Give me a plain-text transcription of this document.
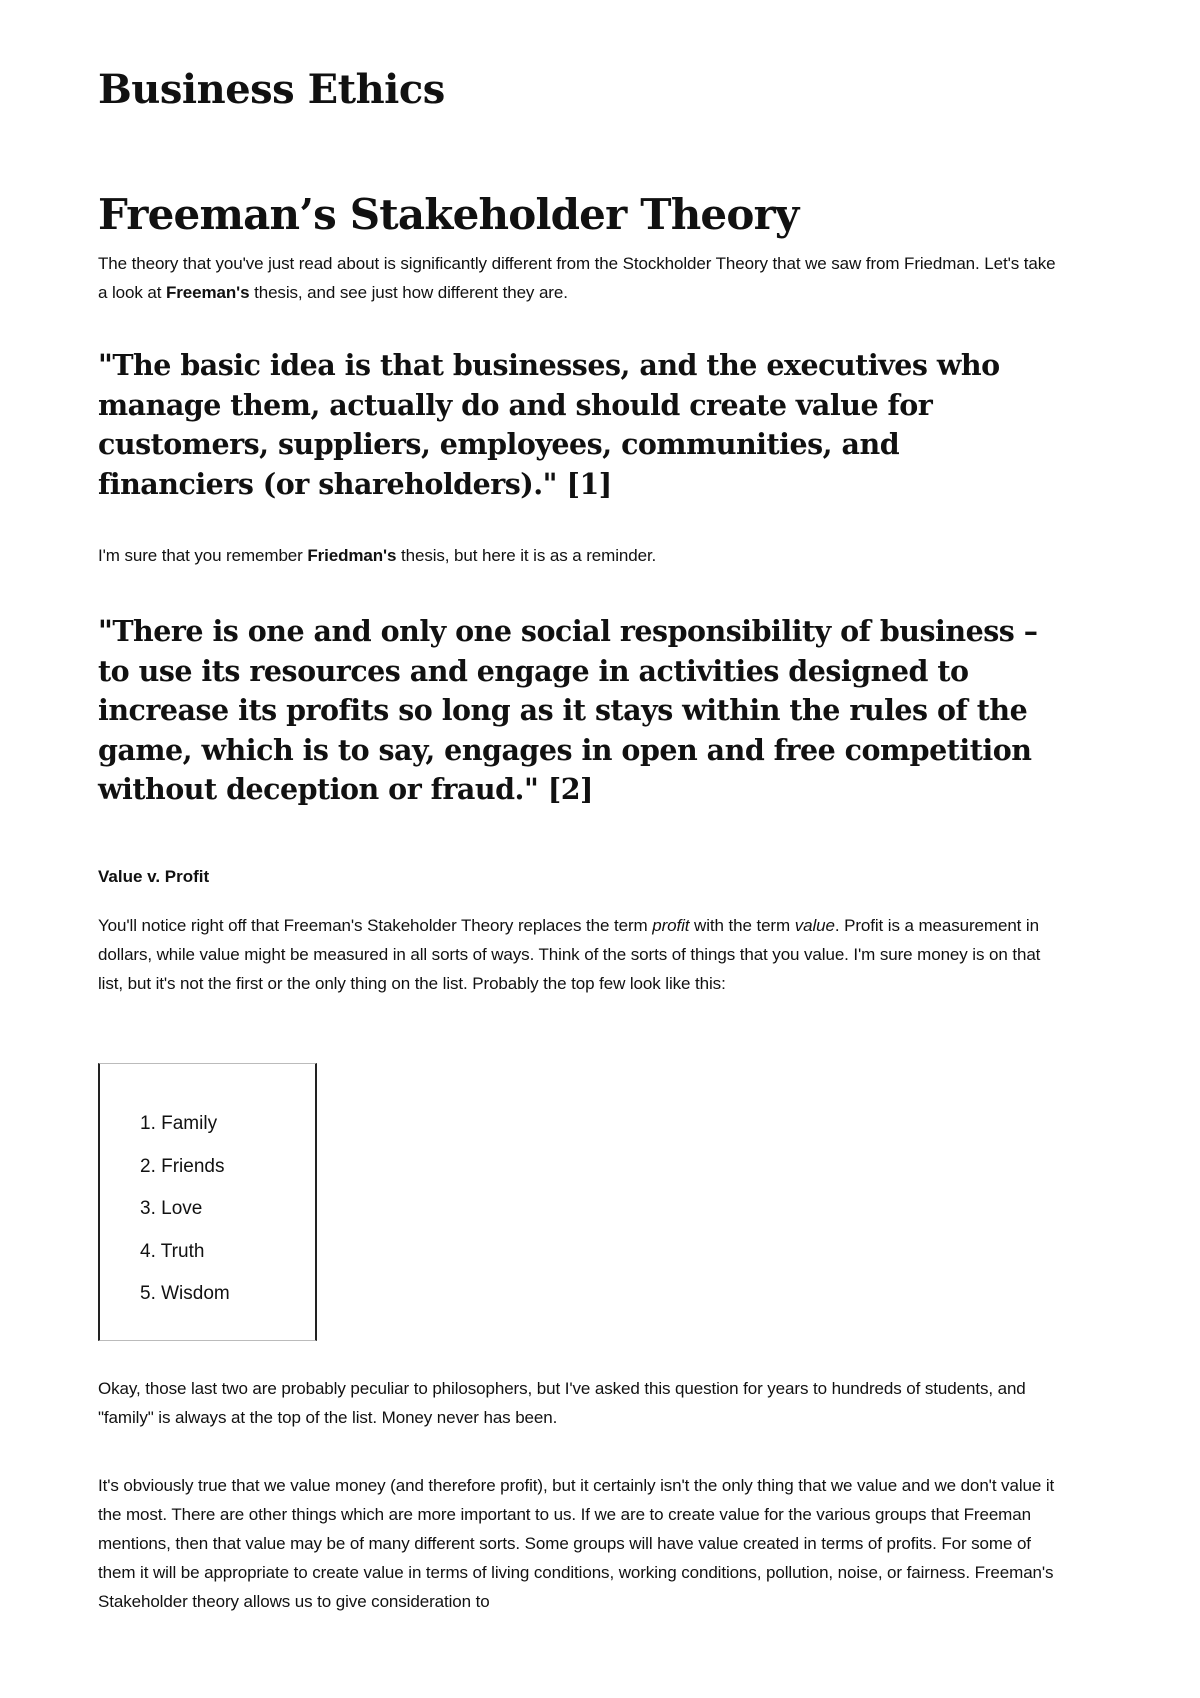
Business Ethics
Freeman’s Stakeholder Theory

The theory that you've just read about is significantly different from the Stockholder Theory that we saw from Friedman. Let's take a look at Freeman's thesis, and see just how different they are.

"The basic idea is that businesses, and the executives who manage them, actually do and should create value for customers, suppliers, employees, communities, and financiers (or shareholders)." [1]

I'm sure that you remember Friedman's thesis, but here it is as a reminder.

"There is one and only one social responsibility of business – to use its resources and engage in activities designed to increase its profits so long as it stays within the rules of the game, which is to say, engages in open and free competition without deception or fraud." [2]

Value v. Profit

You'll notice right off that Freeman's Stakeholder Theory replaces the term profit with the term value. Profit is a measurement in dollars, while value might be measured in all sorts of ways. Think of the sorts of things that you value. I'm sure money is on that list, but it's not the first or the only thing on the list. Probably the top few look like this:

1. Family
2. Friends
3. Love
4. Truth
5. Wisdom

Okay, those last two are probably peculiar to philosophers, but I've asked this question for years to hundreds of students, and "family" is always at the top of the list. Money never has been.

It's obviously true that we value money (and therefore profit), but it certainly isn't the only thing that we value and we don't value it the most. There are other things which are more important to us. If we are to create value for the various groups that Freeman mentions, then that value may be of many different sorts. Some groups will have value created in terms of profits. For some of them it will be appropriate to create value in terms of living conditions, working conditions, pollution, noise, or fairness. Freeman's Stakeholder theory allows us to give consideration to
